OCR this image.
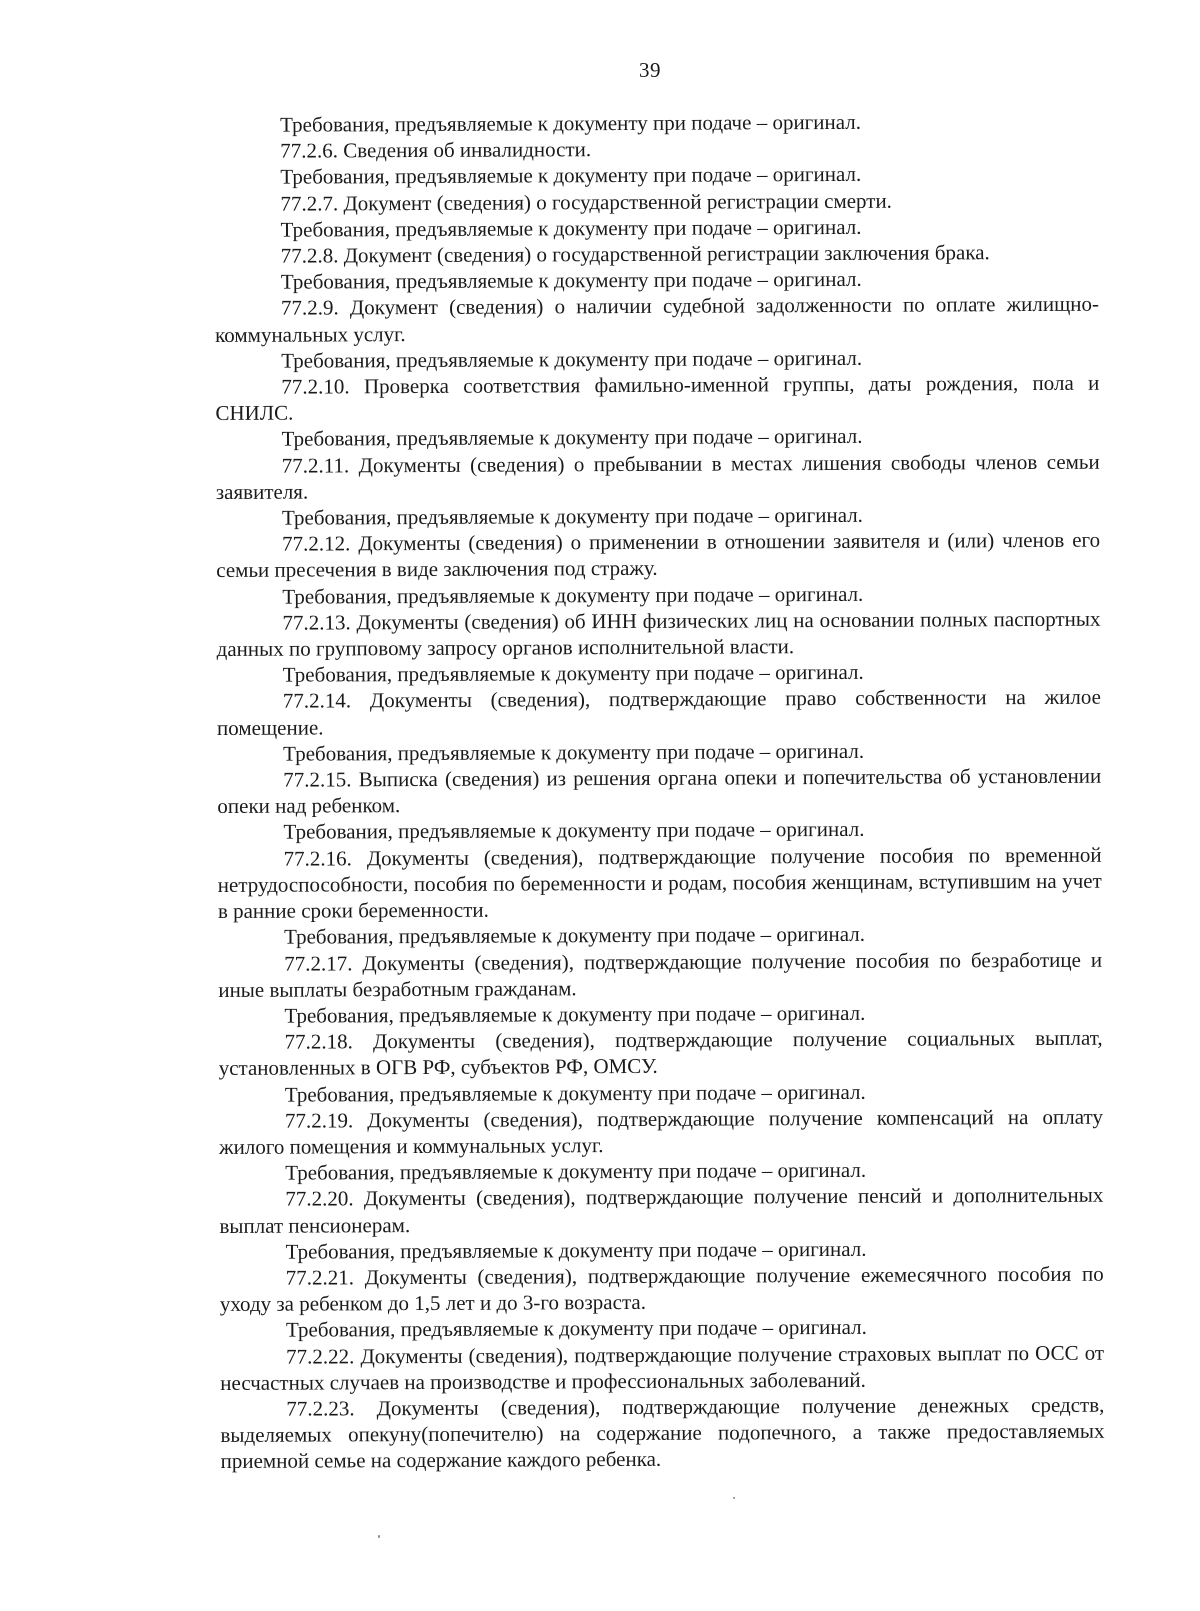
39

Требования, предъявляемые к документу при подаче – оригинал.

77.2.6. Сведения об инвалидности.

Требования, предъявляемые к документу при подаче – оригинал.

77.2.7. Документ (сведения) о государственной регистрации смерти.

Требования, предъявляемые к документу при подаче – оригинал.

77.2.8. Документ (сведения) о государственной регистрации заключения брака.

Требования, предъявляемые к документу при подаче – оригинал.

77.2.9. Документ (сведения) о наличии судебной задолженности по оплате жилищно-коммунальных услуг.

Требования, предъявляемые к документу при подаче – оригинал.

77.2.10. Проверка соответствия фамильно-именной группы, даты рождения, пола и СНИЛС.

Требования, предъявляемые к документу при подаче – оригинал.

77.2.11. Документы (сведения) о пребывании в местах лишения свободы членов семьи заявителя.

Требования, предъявляемые к документу при подаче – оригинал.

77.2.12. Документы (сведения) о применении в отношении заявителя и (или) членов его семьи пресечения в виде заключения под стражу.

Требования, предъявляемые к документу при подаче – оригинал.

77.2.13. Документы (сведения) об ИНН физических лиц на основании полных паспортных данных по групповому запросу органов исполнительной власти.

Требования, предъявляемые к документу при подаче – оригинал.

77.2.14. Документы (сведения), подтверждающие право собственности на жилое помещение.

Требования, предъявляемые к документу при подаче – оригинал.

77.2.15. Выписка (сведения) из решения органа опеки и попечительства об установлении опеки над ребенком.

Требования, предъявляемые к документу при подаче – оригинал.

77.2.16. Документы (сведения), подтверждающие получение пособия по временной нетрудоспособности, пособия по беременности и родам, пособия женщинам, вступившим на учет в ранние сроки беременности.

Требования, предъявляемые к документу при подаче – оригинал.

77.2.17. Документы (сведения), подтверждающие получение пособия по безработице и иные выплаты безработным гражданам.

Требования, предъявляемые к документу при подаче – оригинал.

77.2.18. Документы (сведения), подтверждающие получение социальных выплат, установленных в ОГВ РФ, субъектов РФ, ОМСУ.

Требования, предъявляемые к документу при подаче – оригинал.

77.2.19. Документы (сведения), подтверждающие получение компенсаций на оплату жилого помещения и коммунальных услуг.

Требования, предъявляемые к документу при подаче – оригинал.

77.2.20. Документы (сведения), подтверждающие получение пенсий и дополнительных выплат пенсионерам.

Требования, предъявляемые к документу при подаче – оригинал.

77.2.21. Документы (сведения), подтверждающие получение ежемесячного пособия по уходу за ребенком до 1,5 лет и до 3-го возраста.

Требования, предъявляемые к документу при подаче – оригинал.

77.2.22. Документы (сведения), подтверждающие получение страховых выплат по ОСС от несчастных случаев на производстве и профессиональных заболеваний.

77.2.23. Документы (сведения), подтверждающие получение денежных средств, выделяемых опекуну(попечителю) на содержание подопечного, а также предоставляемых приемной семье на содержание каждого ребенка.
